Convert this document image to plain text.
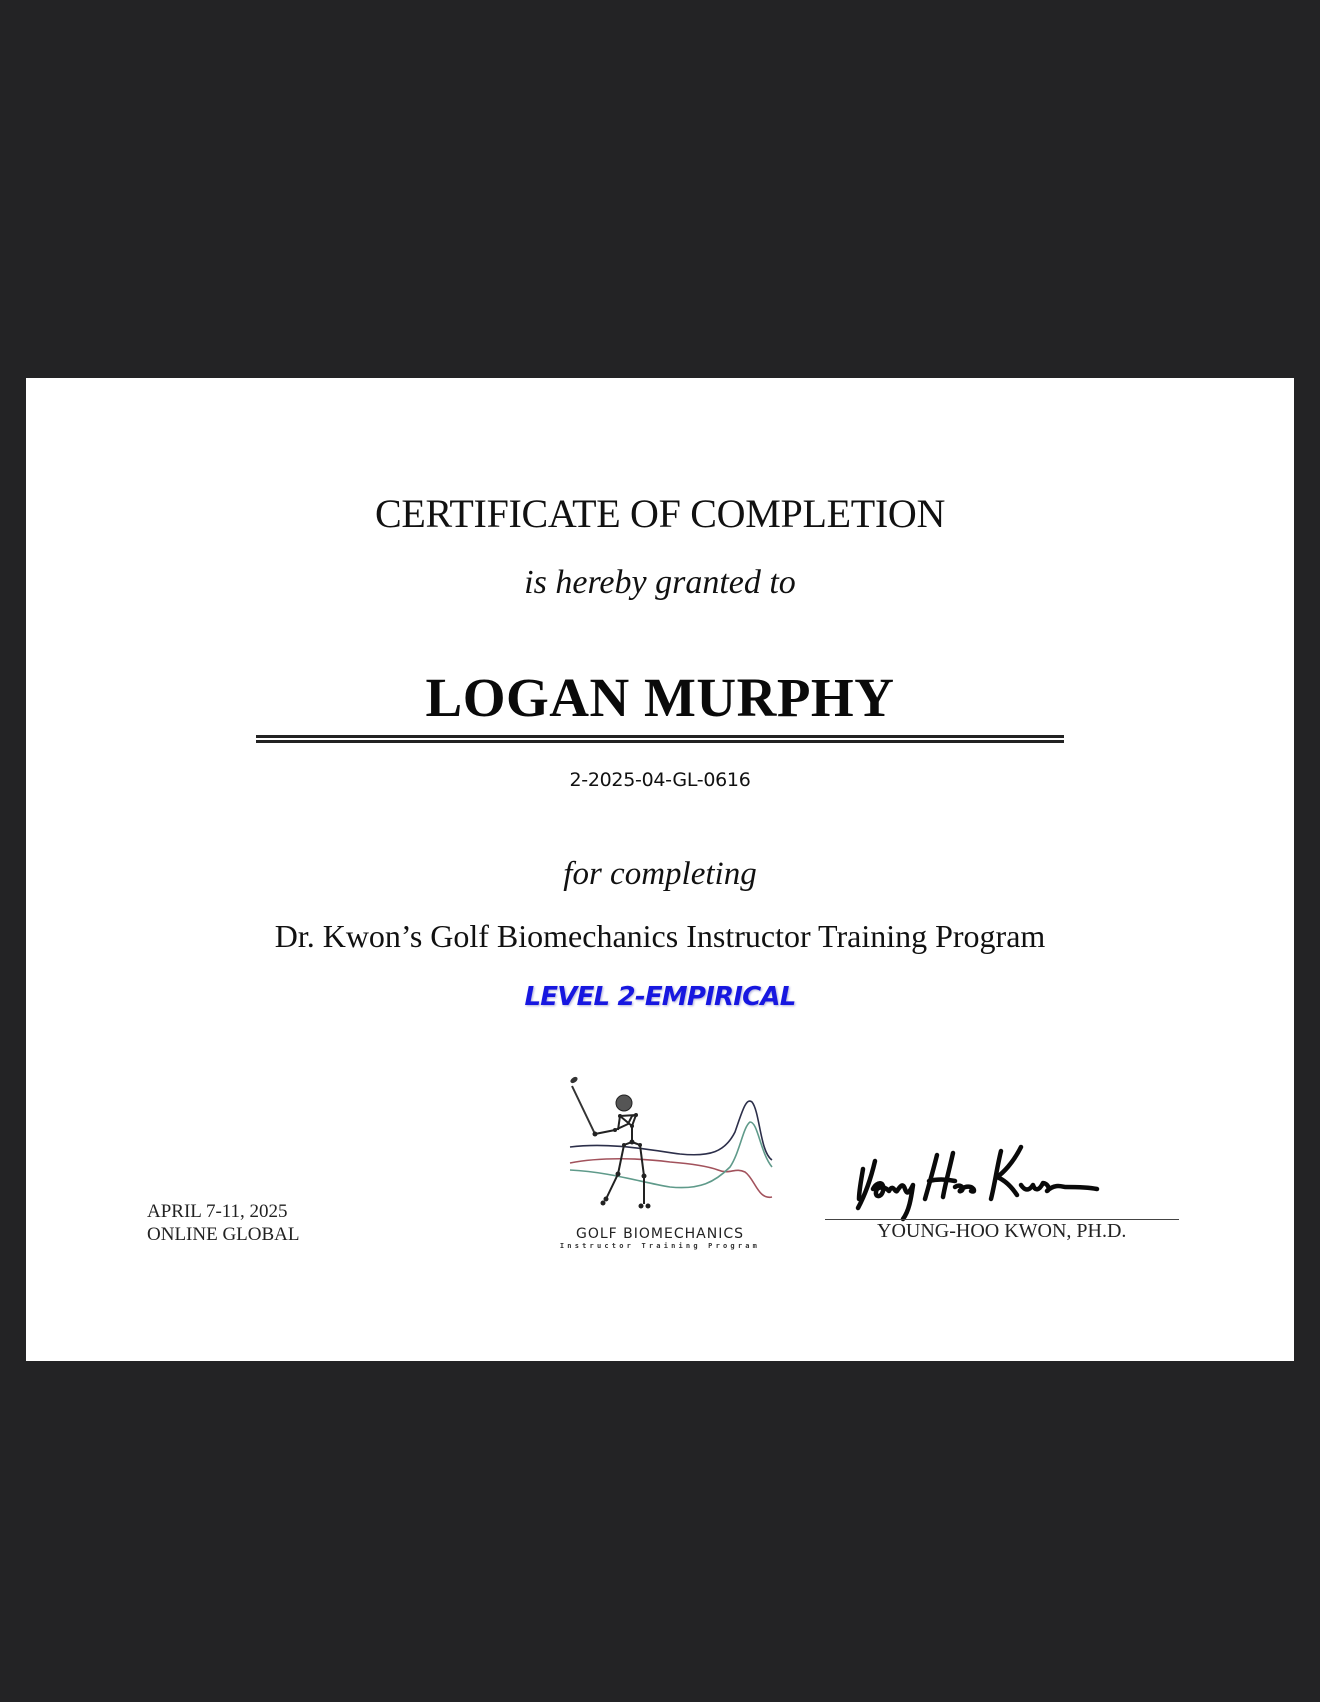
CERTIFICATE OF COMPLETION
is hereby granted to
LOGAN MURPHY
2-2025-04-GL-0616
for completing
Dr. Kwon’s Golf Biomechanics Instructor Training Program
LEVEL 2-EMPIRICAL
APRIL 7-11, 2025
ONLINE GLOBAL	GOLF BIOMECHANICS
Instructor Training Program
YOUNG-HOO KWON, PH.D.
